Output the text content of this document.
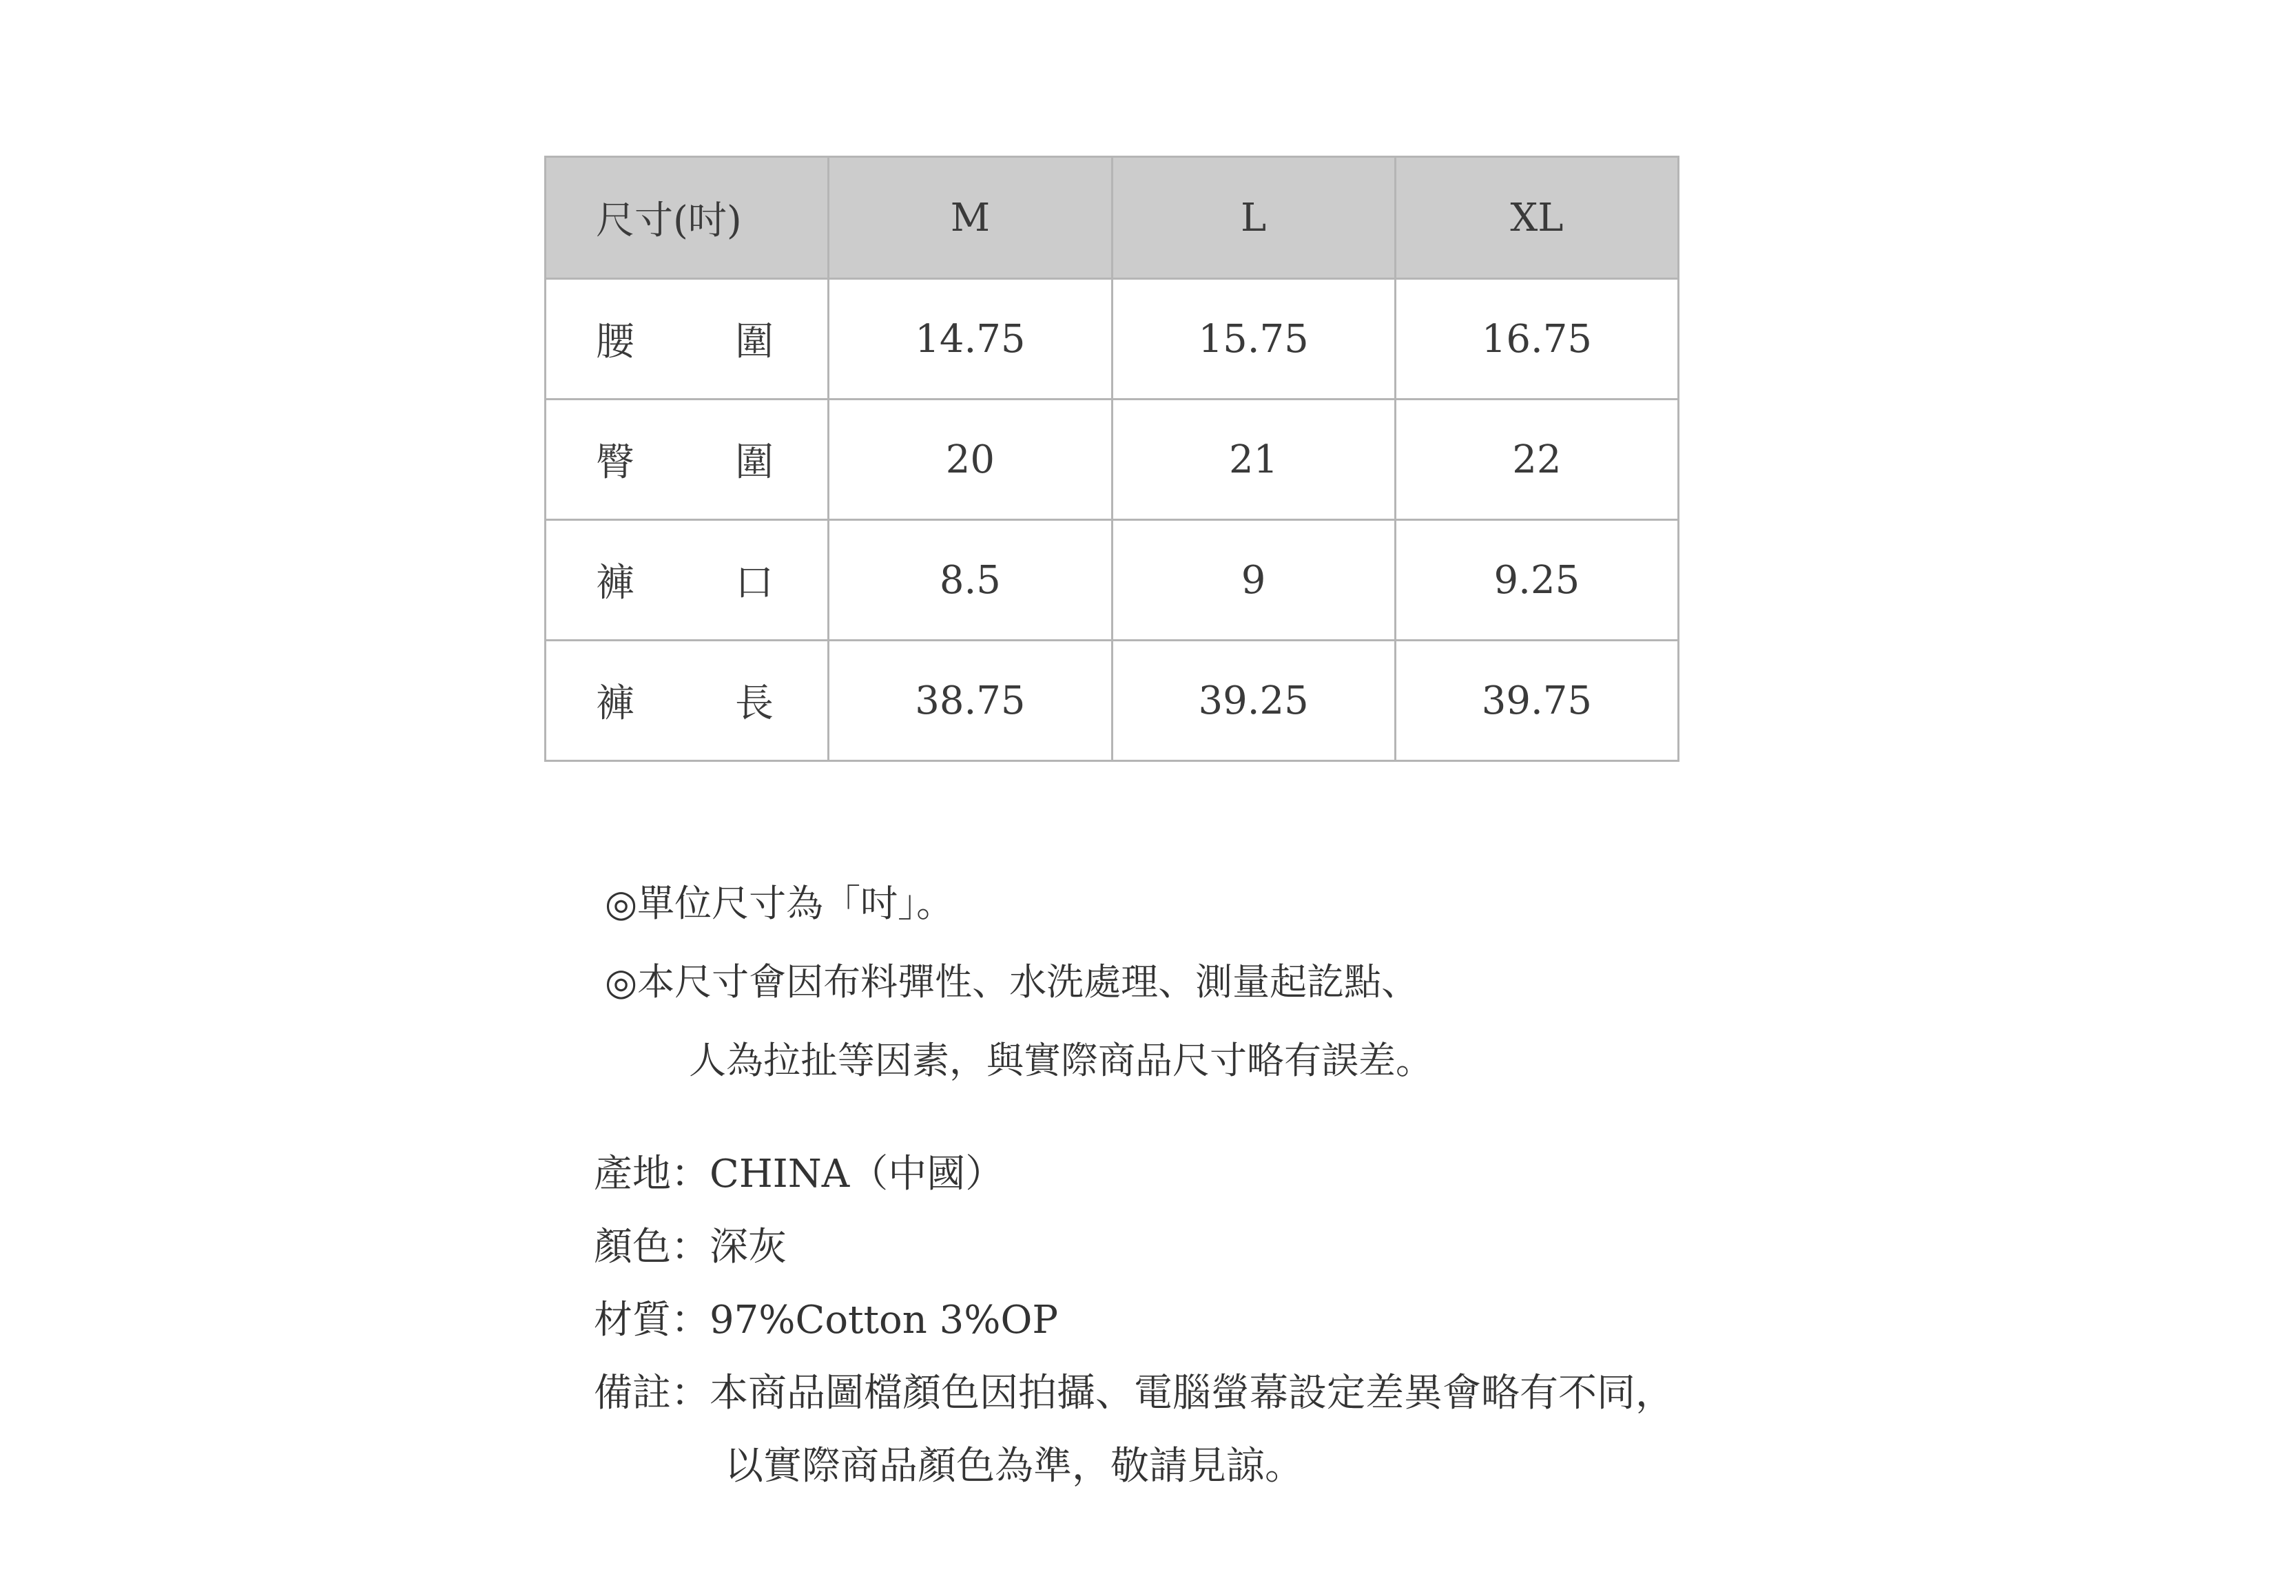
尺寸(吋)	M	L	XL

腰 圍	14.75	15.75	16.75

臀 圍	20	21	22

褲 口	8.5	9	9.25

褲 長	38.75	39.25	39.75
◎單位尺寸為「吋」。
◎本尺寸會因布料彈性、水洗處理、測量起訖點、
人為拉扯等因素，與實際商品尺寸略有誤差。
產地：CHINA（中國）
顏色：深灰
材質：97%Cotton 3%OP
備註：本商品圖檔顏色因拍攝、電腦螢幕設定差異會略有不同，
以實際商品顏色為準，敬請見諒。
